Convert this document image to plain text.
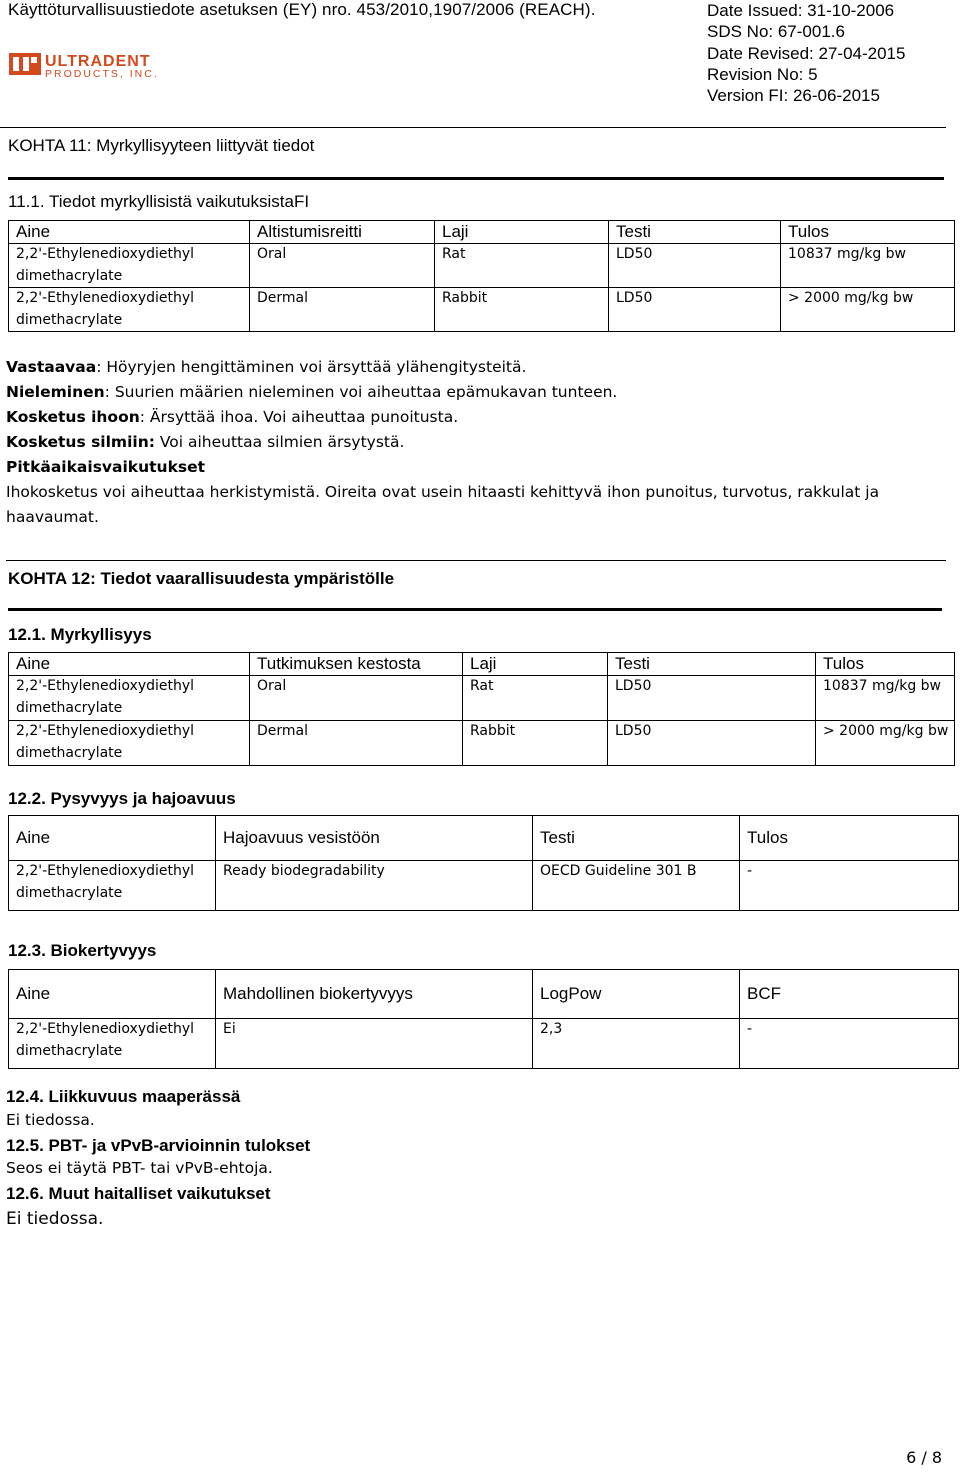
Käyttöturvallisuustiedote asetuksen (EY) nro. 453/2010,1907/2006 (REACH).	Date Issued: 31-10-2006
SDS No: 67-001.6
Date Revised: 27-04-2015
Revision No: 5
Version FI: 26-06-2015
ULTRADENT
PRODUCTS, INC.
KOHTA 11: Myrkyllisyyteen liittyvät tiedot
11.1. Tiedot myrkyllisistä vaikutuksistaFI
Aine	Altistumisreitti	Laji	Testi	Tulos

2,2'-Ethylenedioxydiethyl
dimethacrylate	Oral	Rat	LD50	10837 mg/kg bw

2,2'-Ethylenedioxydiethyl
dimethacrylate	Dermal	Rabbit	LD50	> 2000 mg/kg bw
Vastaavaa: Höyryjen hengittäminen voi ärsyttää ylähengitysteitä.
Nieleminen: Suurien määrien nieleminen voi aiheuttaa epämukavan tunteen.
Kosketus ihoon: Ärsyttää ihoa. Voi aiheuttaa punoitusta.
Kosketus silmiin: Voi aiheuttaa silmien ärsytystä.
Pitkäaikaisvaikutukset
Ihokosketus voi aiheuttaa herkistymistä. Oireita ovat usein hitaasti kehittyvä ihon punoitus, turvotus, rakkulat ja haavaumat.
KOHTA 12: Tiedot vaarallisuudesta ympäristölle
12.1. Myrkyllisyys
Aine	Tutkimuksen kestosta	Laji	Testi	Tulos

2,2'-Ethylenedioxydiethyl
dimethacrylate	Oral	Rat	LD50	10837 mg/kg bw

2,2'-Ethylenedioxydiethyl
dimethacrylate	Dermal	Rabbit	LD50	> 2000 mg/kg bw
12.2. Pysyvyys ja hajoavuus
Aine	Hajoavuus vesistöön	Testi	Tulos

2,2'-Ethylenedioxydiethyl
dimethacrylate	Ready biodegradability	OECD Guideline 301 B	-
12.3. Biokertyvyys
Aine	Mahdollinen biokertyvyys	LogPow	BCF

2,2'-Ethylenedioxydiethyl
dimethacrylate	Ei	2,3	-
12.4. Liikkuvuus maaperässä
Ei tiedossa.
12.5. PBT- ja vPvB-arvioinnin tulokset
Seos ei täytä PBT- tai vPvB-ehtoja.
12.6. Muut haitalliset vaikutukset
Ei tiedossa.
6 / 8
